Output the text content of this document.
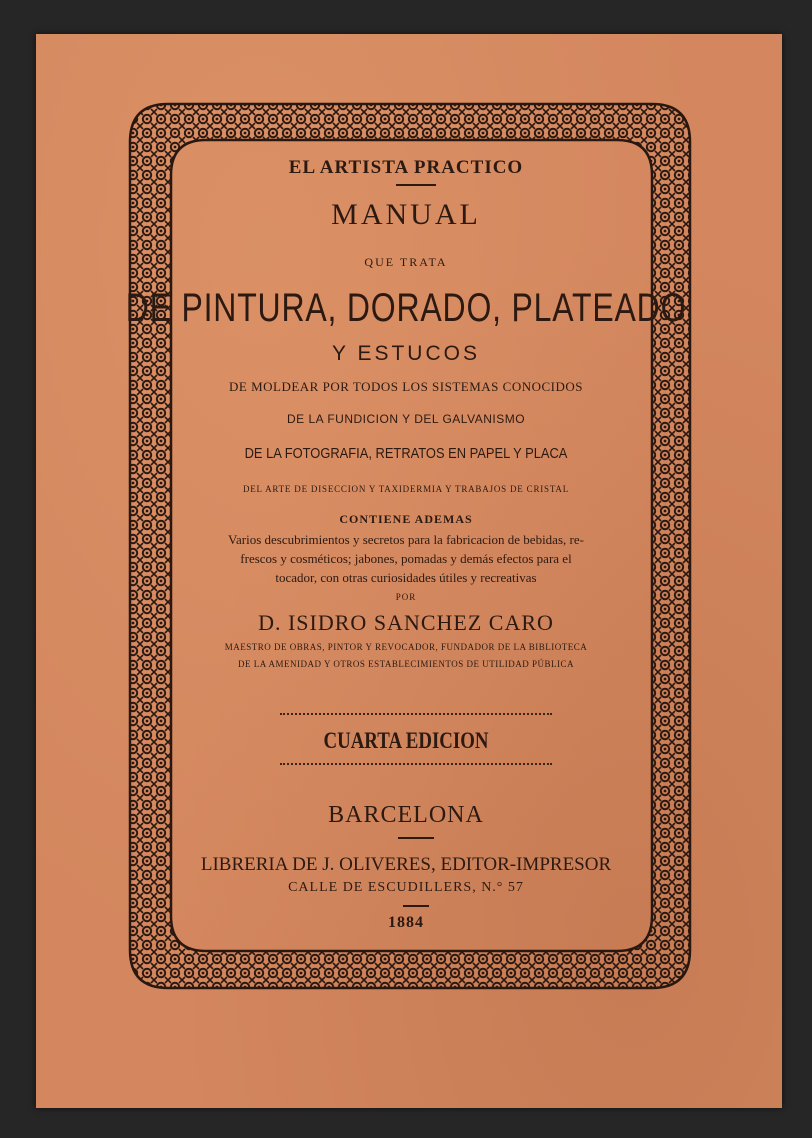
EL ARTISTA PRACTICO
MANUAL
QUE TRATA
DE PINTURA, DORADO, PLATEADO
Y ESTUCOS
DE MOLDEAR POR TODOS LOS SISTEMAS CONOCIDOS
DE LA FUNDICION Y DEL GALVANISMO
DE LA FOTOGRAFIA, RETRATOS EN PAPEL Y PLACA
DEL ARTE DE DISECCION Y TAXIDERMIA Y TRABAJOS DE CRISTAL
CONTIENE ADEMAS
Varios descubrimientos y secretos para la fabricacion de bebidas, re-
frescos y cosméticos; jabones, pomadas y demás efectos para el
tocador, con otras curiosidades útiles y recreativas
POR
D. ISIDRO SANCHEZ CARO
MAESTRO DE OBRAS, PINTOR Y REVOCADOR, FUNDADOR DE LA BIBLIOTECA
DE LA AMENIDAD Y OTROS ESTABLECIMIENTOS DE UTILIDAD PÚBLICA
CUARTA EDICION
BARCELONA
LIBRERIA DE J. OLIVERES, EDITOR-IMPRESOR
CALLE DE ESCUDILLERS, N.° 57
1884
